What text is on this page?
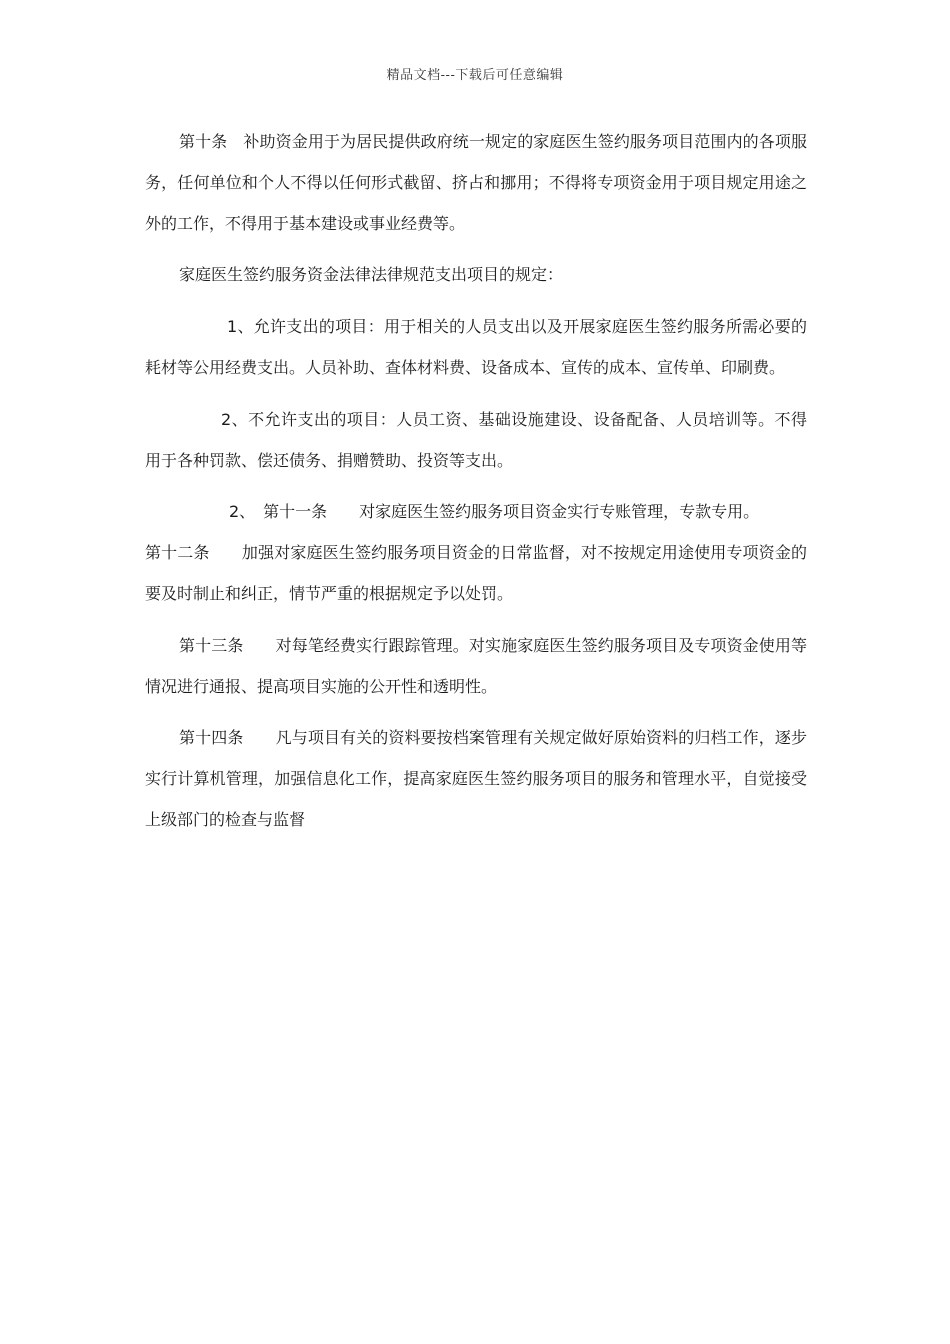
精品文档---下载后可任意编辑

第十条　补助资金用于为居民提供政府统一规定的家庭医生签约服务项目范围内的各项服务，任何单位和个人不得以任何形式截留、挤占和挪用；不得将专项资金用于项目规定用途之外的工作，不得用于基本建设或事业经费等。

家庭医生签约服务资金法律法律规范支出项目的规定：

1、允许支出的项目：用于相关的人员支出以及开展家庭医生签约服务所需必要的耗材等公用经费支出。人员补助、查体材料费、设备成本、宣传的成本、宣传单、印刷费。

2、不允许支出的项目：人员工资、基础设施建设、设备配备、人员培训等。不得用于各种罚款、偿还债务、捐赠赞助、投资等支出。

2、　第十一条　　对家庭医生签约服务项目资金实行专账管理，专款专用。

第十二条　　加强对家庭医生签约服务项目资金的日常监督，对不按规定用途使用专项资金的要及时制止和纠正，情节严重的根据规定予以处罚。

第十三条　　对每笔经费实行跟踪管理。对实施家庭医生签约服务项目及专项资金使用等情况进行通报、提高项目实施的公开性和透明性。

第十四条　　凡与项目有关的资料要按档案管理有关规定做好原始资料的归档工作，逐步实行计算机管理，加强信息化工作，提高家庭医生签约服务项目的服务和管理水平，自觉接受上级部门的检查与监督
